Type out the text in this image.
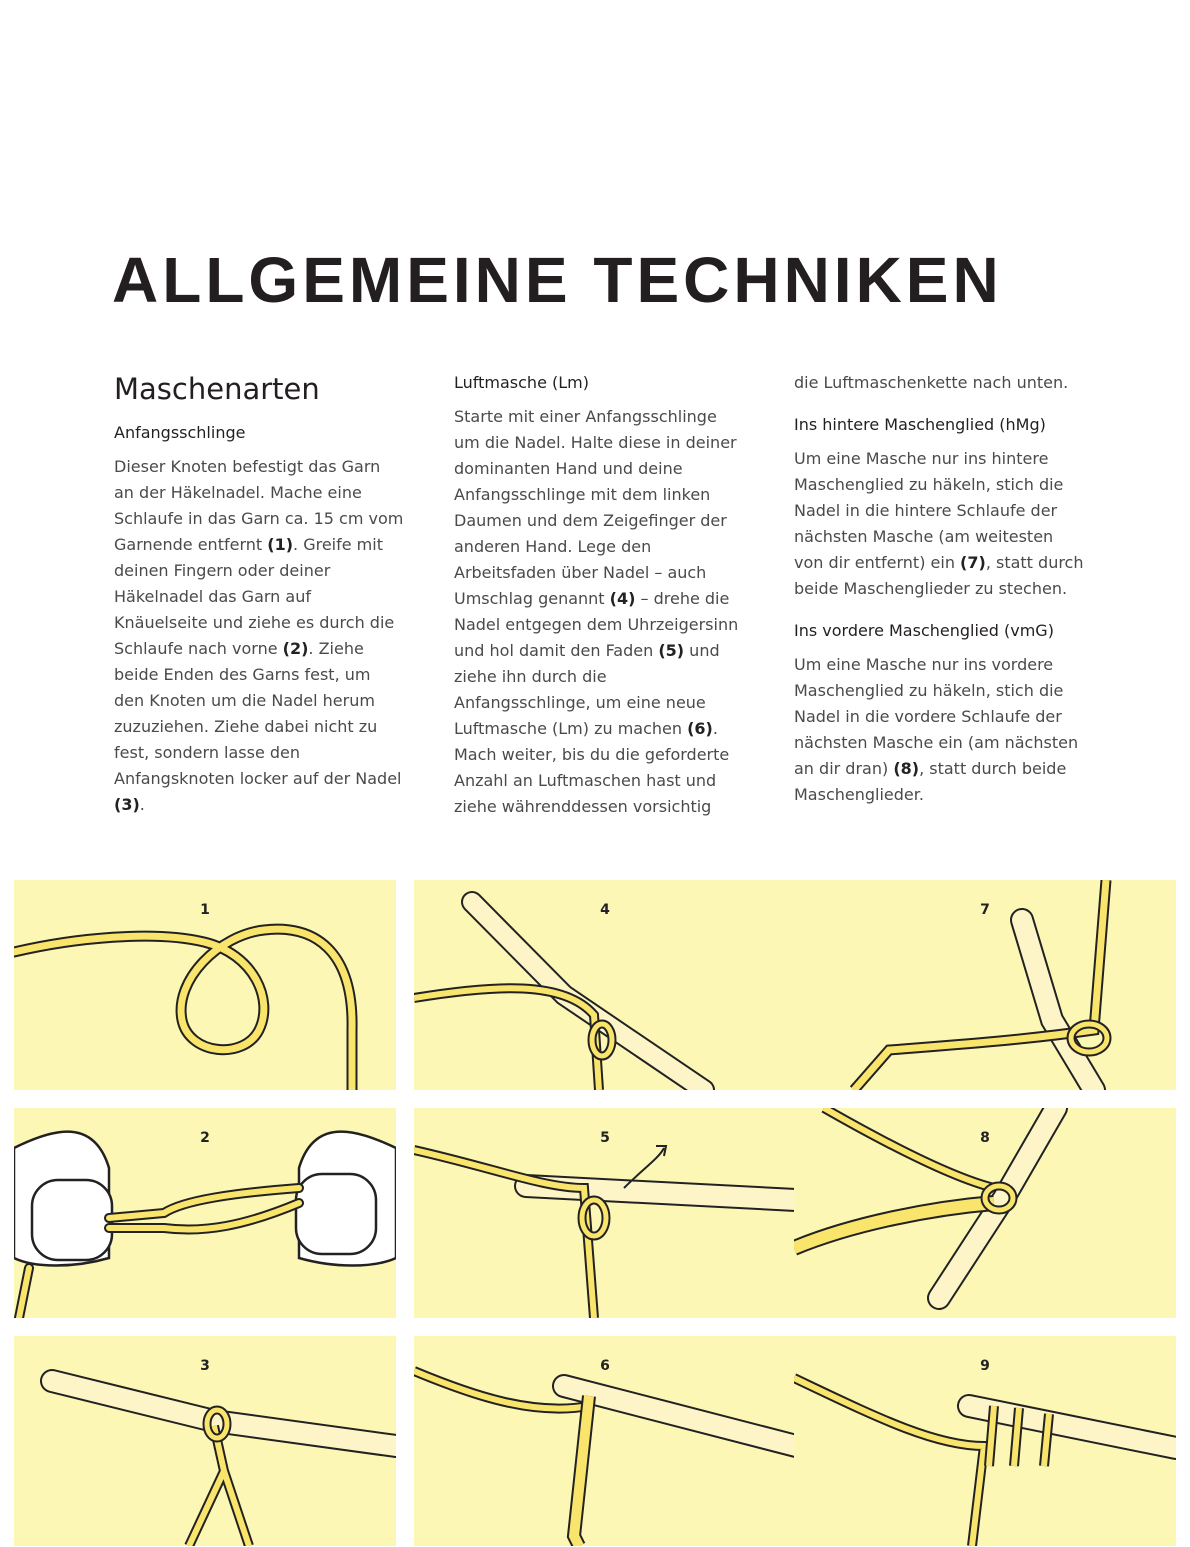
ALLGEMEINE TECHNIKEN
Maschenarten
Anfangsschlinge

Dieser Knoten befestigt das Garn an der Häkelnadel. Mache eine Schlaufe in das Garn ca. 15 cm vom Garnende entfernt (1). Greife mit deinen Fingern oder deiner Häkelnadel das Garn auf Knäuelseite und ziehe es durch die Schlaufe nach vorne (2). Ziehe beide Enden des Garns fest, um den Knoten um die Nadel herum zuzuziehen. Ziehe dabei nicht zu fest, sondern lasse den Anfangsknoten locker auf der Nadel (3).

Luftmasche (Lm)

Starte mit einer Anfangsschlinge um die Nadel. Halte diese in deiner dominanten Hand und deine Anfangsschlinge mit dem linken Daumen und dem Zeigefinger der anderen Hand. Lege den Arbeitsfaden über Nadel – auch Umschlag genannt (4) – drehe die Nadel entgegen dem Uhrzeigersinn und hol damit den Faden (5) und ziehe ihn durch die Anfangsschlinge, um eine neue Luftmasche (Lm) zu machen (6). Mach weiter, bis du die geforderte Anzahl an Luftmaschen hast und ziehe währenddessen vorsichtig

die Luftmaschenkette nach unten.

Ins hintere Maschenglied (hMg)

Um eine Masche nur ins hintere Maschenglied zu häkeln, stich die Nadel in die hintere Schlaufe der nächsten Masche (am weitesten von dir entfernt) ein (7), statt durch beide Maschenglieder zu stechen.

Ins vordere Maschenglied (vmG)

Um eine Masche nur ins vordere Maschenglied zu häkeln, stich die Nadel in die vordere Schlaufe der nächsten Masche ein (am nächsten an dir dran) (8), statt durch beide Maschenglieder.

1	4	7
2	5	8
3	6	9
